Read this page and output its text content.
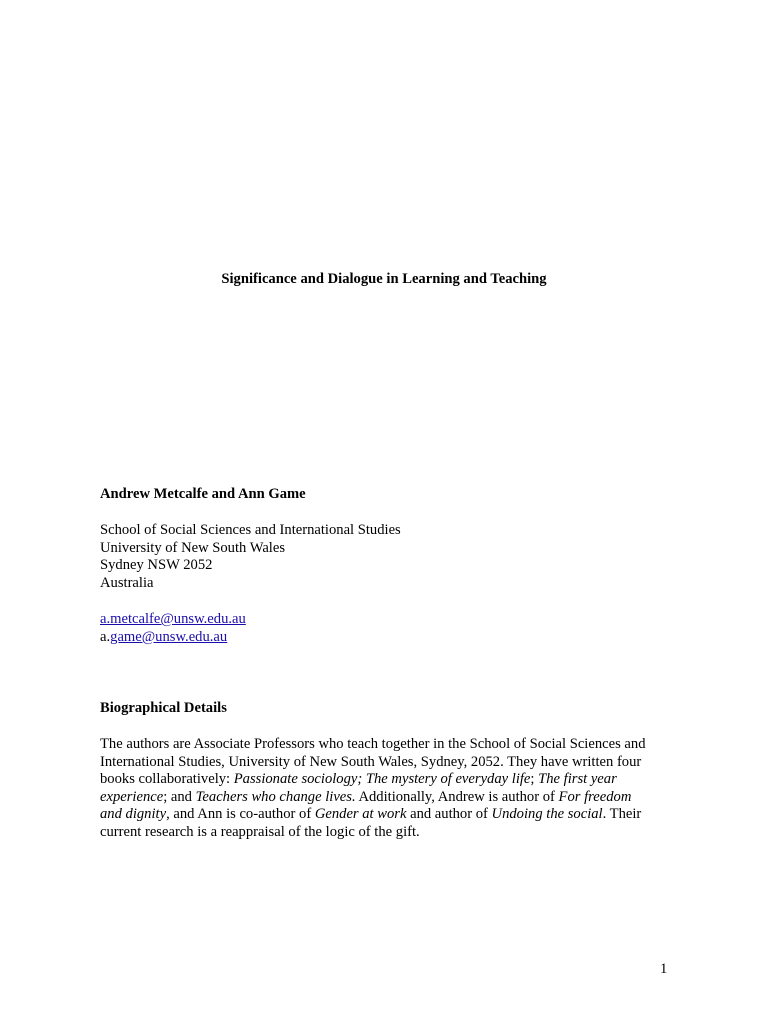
Significance and Dialogue in Learning and Teaching

Andrew Metcalfe and Ann Game

School of Social Sciences and International Studies
University of New South Wales
Sydney NSW 2052
Australia
a.metcalfe@unsw.edu.au
a.game@unsw.edu.au

Biographical Details

The authors are Associate Professors who teach together in the School of Social Sciences and
International Studies, University of New South Wales, Sydney, 2052. They have written four
books collaboratively: Passionate sociology; The mystery of everyday life; The first year
experience; and Teachers who change lives. Additionally, Andrew is author of For freedom
and dignity, and Ann is co-author of Gender at work and author of Undoing the social. Their
current research is a reappraisal of the logic of the gift.
1
